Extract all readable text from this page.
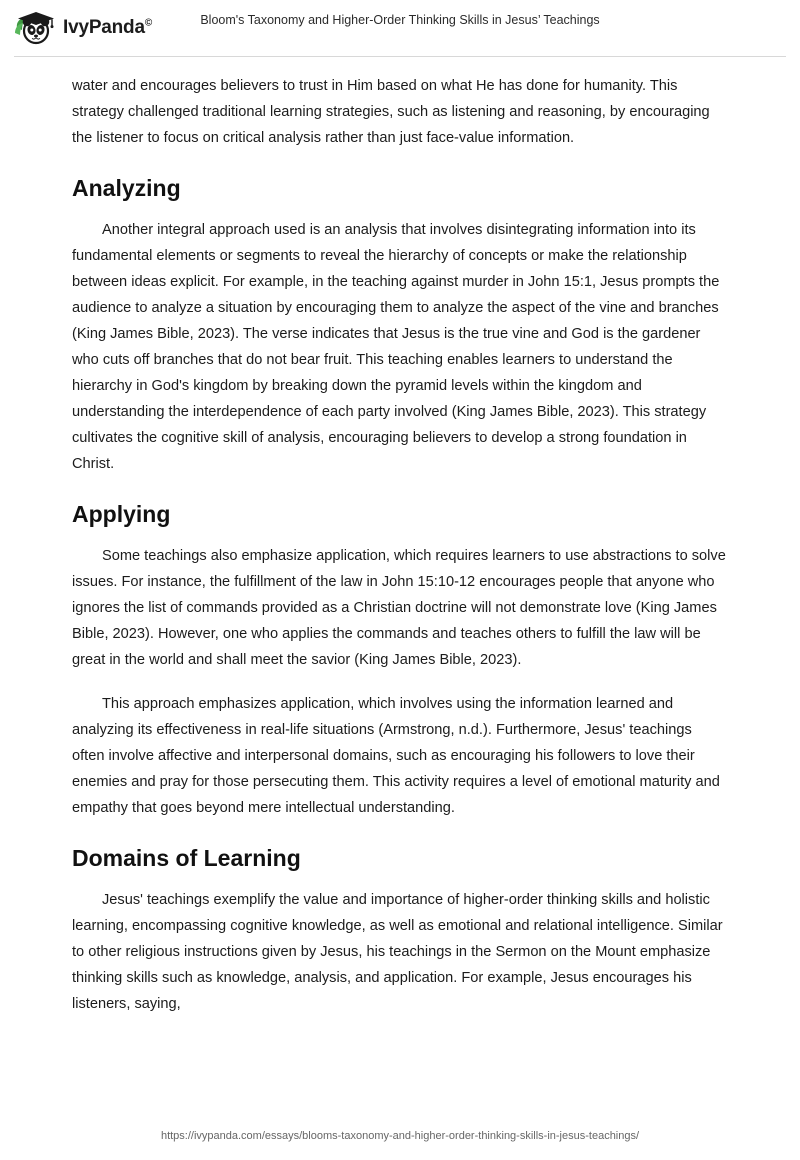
IvyPanda©	Bloom's Taxonomy and Higher-Order Thinking Skills in Jesus’ Teachings

water and encourages believers to trust in Him based on what He has done for humanity. This strategy challenged traditional learning strategies, such as listening and reasoning, by encouraging the listener to focus on critical analysis rather than just face-value information.

Analyzing

Another integral approach used is an analysis that involves disintegrating information into its fundamental elements or segments to reveal the hierarchy of concepts or make the relationship between ideas explicit. For example, in the teaching against murder in John 15:1, Jesus prompts the audience to analyze a situation by encouraging them to analyze the aspect of the vine and branches (King James Bible, 2023). The verse indicates that Jesus is the true vine and God is the gardener who cuts off branches that do not bear fruit. This teaching enables learners to understand the hierarchy in God's kingdom by breaking down the pyramid levels within the kingdom and understanding the interdependence of each party involved (King James Bible, 2023). This strategy cultivates the cognitive skill of analysis, encouraging believers to develop a strong foundation in Christ.

Applying

Some teachings also emphasize application, which requires learners to use abstractions to solve issues. For instance, the fulfillment of the law in John 15:10-12 encourages people that anyone who ignores the list of commands provided as a Christian doctrine will not demonstrate love (King James Bible, 2023). However, one who applies the commands and teaches others to fulfill the law will be great in the world and shall meet the savior (King James Bible, 2023).

This approach emphasizes application, which involves using the information learned and analyzing its effectiveness in real-life situations (Armstrong, n.d.). Furthermore, Jesus' teachings often involve affective and interpersonal domains, such as encouraging his followers to love their enemies and pray for those persecuting them. This activity requires a level of emotional maturity and empathy that goes beyond mere intellectual understanding.

Domains of Learning

Jesus' teachings exemplify the value and importance of higher-order thinking skills and holistic learning, encompassing cognitive knowledge, as well as emotional and relational intelligence. Similar to other religious instructions given by Jesus, his teachings in the Sermon on the Mount emphasize thinking skills such as knowledge, analysis, and application. For example, Jesus encourages his listeners, saying,

https://ivypanda.com/essays/blooms-taxonomy-and-higher-order-thinking-skills-in-jesus-teachings/
